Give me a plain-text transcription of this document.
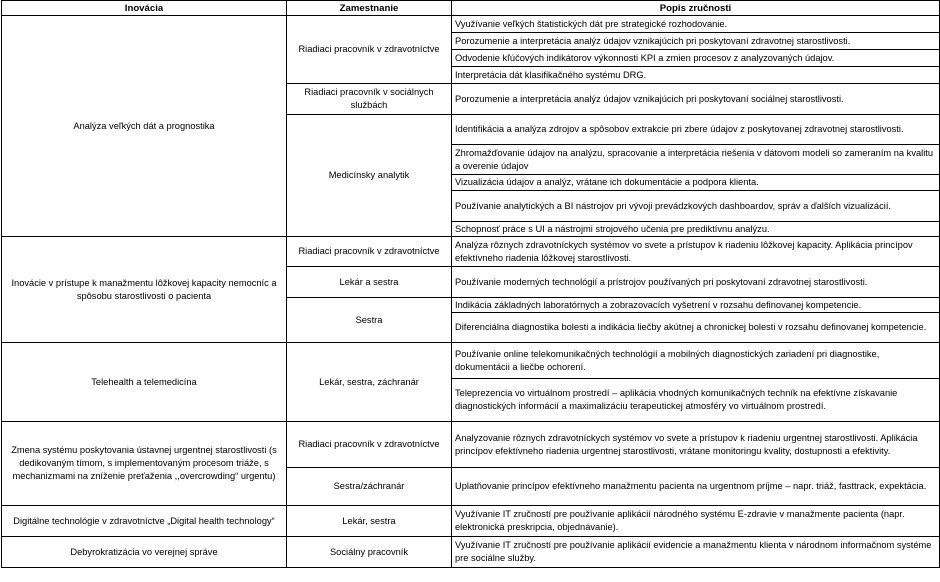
Inovácia	Zamestnanie	Popis zručnosti
Analýza veľkých dát a prognostika	Riadiaci pracovník v zdravotníctve	Využívanie veľkých štatistických dát pre strategické rozhodovanie.
		Porozumenie a interpretácia analýz údajov vznikajúcich pri poskytovaní zdravotnej starostlivosti.
		Odvodenie kľúčových indikátorov výkonnosti KPI a zmien procesov z analyzovaných údajov.
		Interpretácia dát klasifikačného systému DRG.
	Riadiaci pracovník v sociálnych službách	Porozumenie a interpretácia analýz údajov vznikajúcich pri poskytovaní sociálnej starostlivosti.
	Medicínsky analytik	Identifikácia a analýza zdrojov a spôsobov extrakcie pri zbere údajov z poskytovanej zdravotnej starostlivosti.
		Zhromažďovanie údajov na analýzu, spracovanie a interpretácia riešenia v dátovom modeli so zameraním na kvalitu a overenie údajov
		Vizualizácia údajov a analýz, vrátane ich dokumentácie a podpora klienta.
		Používanie analytických a BI nástrojov pri vývoji prevádzkových dashboardov, správ a ďalších vizualizácií.
		Schopnosť práce s UI a nástrojmi strojového učenia pre prediktívnu analýzu.

Inovácie v prístupe k manažmentu lôžkovej kapacity nemocníc a spôsobu starostlivosti o pacienta	Riadiaci pracovník v zdravotníctve	Analýza rôznych zdravotníckych systémov vo svete a prístupov k riadeniu lôžkovej kapacity. Aplikácia princípov efektívneho riadenia lôžkovej starostlivosti.
	Lekár a sestra	Používanie moderných technológií a prístrojov používaných pri poskytovaní zdravotnej starostlivosti.
	Sestra	Indikácia základných laboratórnych a zobrazovacích vyšetrení v rozsahu definovanej kompetencie.
		Diferenciálna diagnostika bolesti a indikácia liečby akútnej a chronickej bolesti v rozsahu definovanej kompetencie.

Telehealth a telemedicína	Lekár, sestra, záchranár	Používanie online telekomunikačných technológií a mobilných diagnostických zariadení pri diagnostike, dokumentácii a liečbe ochorení.
		Teleprezencia vo virtuálnom prostredí – aplikácia vhodných komunikačných techník na efektívne získavanie diagnostických informácií a maximalizáciu terapeutickej atmosféry vo virtuálnom prostredí.
Zmena systému poskytovania ústavnej urgentnej starostlivosti (s dedikovaným tímom, s implementovaným procesom triáže, s mechanizmami na zníženie preťaženia ,,overcrowding“ urgentu)	Riadiaci pracovník v zdravotníctve	Analyzovanie rôznych zdravotníckych systémov vo svete a prístupov k riadeniu urgentnej starostlivosti. Aplikácia princípov efektívneho riadenia urgentnej starostlivosti, vrátane monitoringu kvality, dostupnosti a efektivity.
	Sestra/záchranár	Uplatňovanie princípov efektívneho manažmentu pacienta na urgentnom príjme – napr. triáž, fasttrack, expektácia.
Digitálne technológie v zdravotníctve „Digital health technology“	Lekár, sestra	Využívanie IT zručností pre používanie aplikácií národného systému E-zdravie v manažmente pacienta (napr. elektronická preskripcia, objednávanie).
Debyrokratizácia vo verejnej správe	Sociálny pracovník	Využívanie IT zručností pre používanie aplikácií evidencie a manažmentu klienta v národnom informačnom systéme pre sociálne služby.
